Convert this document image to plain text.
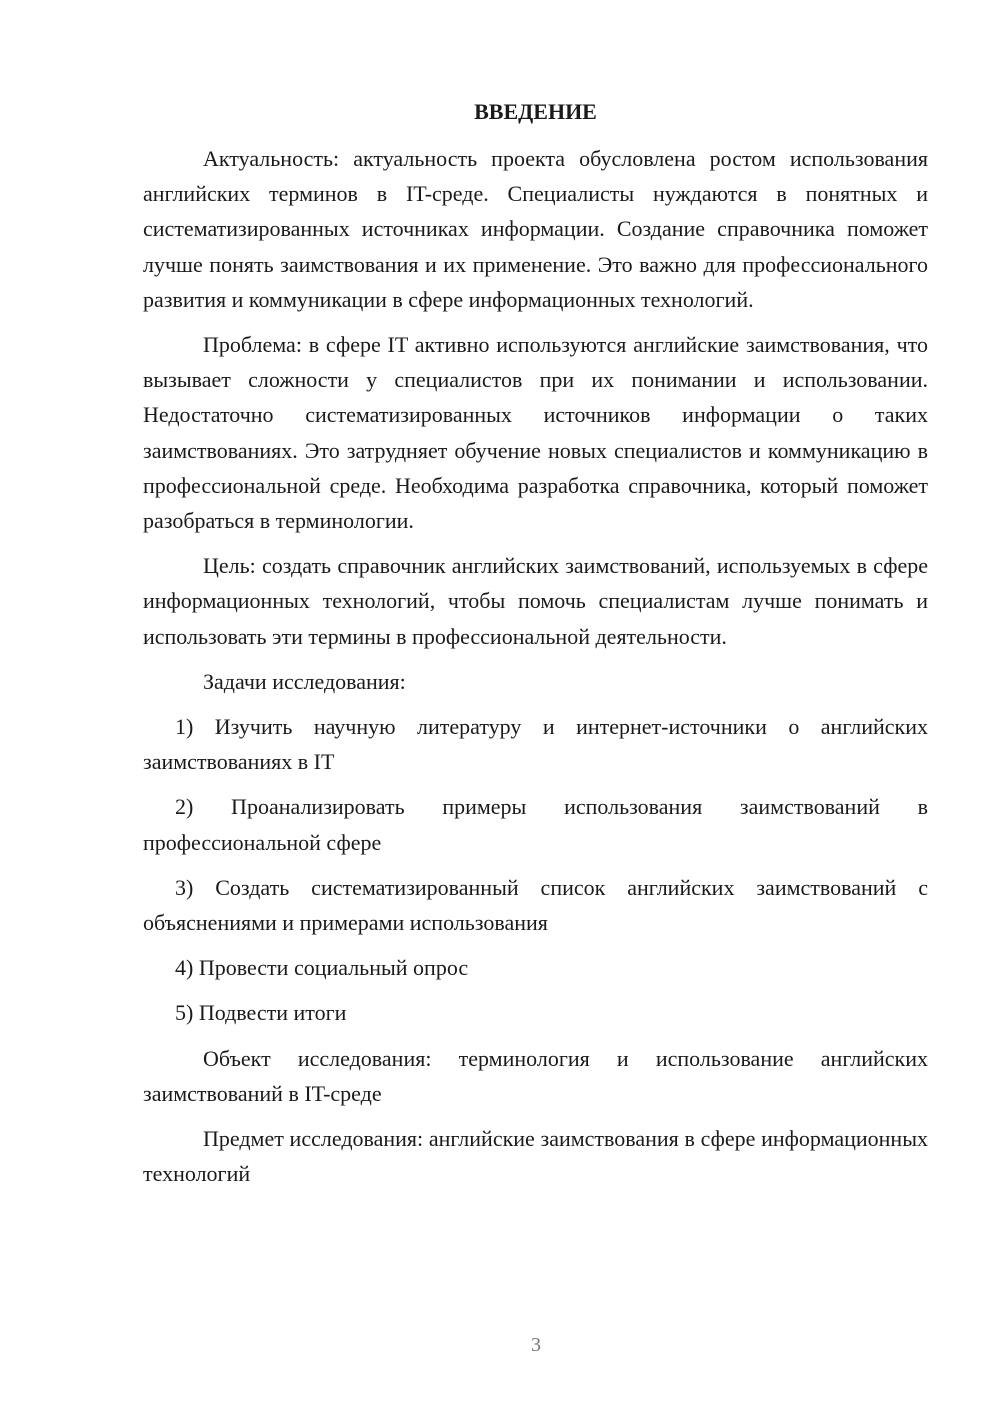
ВВЕДЕНИЕ

Актуальность: актуальность проекта обусловлена ростом использования английских терминов в IT-среде. Специалисты нуждаются в понятных и систематизированных источниках информации. Создание справочника поможет лучше понять заимствования и их применение. Это важно для профессионального развития и коммуникации в сфере информационных технологий.

Проблема: в сфере IT активно используются английские заимствования, что вызывает сложности у специалистов при их понимании и использовании. Недостаточно систематизированных источников информации о таких заимствованиях. Это затрудняет обучение новых специалистов и коммуникацию в профессиональной среде. Необходима разработка справочника, который поможет разобраться в терминологии.

Цель: создать справочник английских заимствований, используемых в сфере информационных технологий, чтобы помочь специалистам лучше понимать и использовать эти термины в профессиональной деятельности.

Задачи исследования:

1) Изучить научную литературу и интернет-источники о английских заимствованиях в IT

2) Проанализировать примеры использования заимствований в профессиональной сфере

3) Создать систематизированный список английских заимствований с объяснениями и примерами использования

4) Провести социальный опрос

5) Подвести итоги

Объект исследования: терминология и использование английских заимствований в IT-среде

Предмет исследования: английские заимствования в сфере информационных технологий

3
